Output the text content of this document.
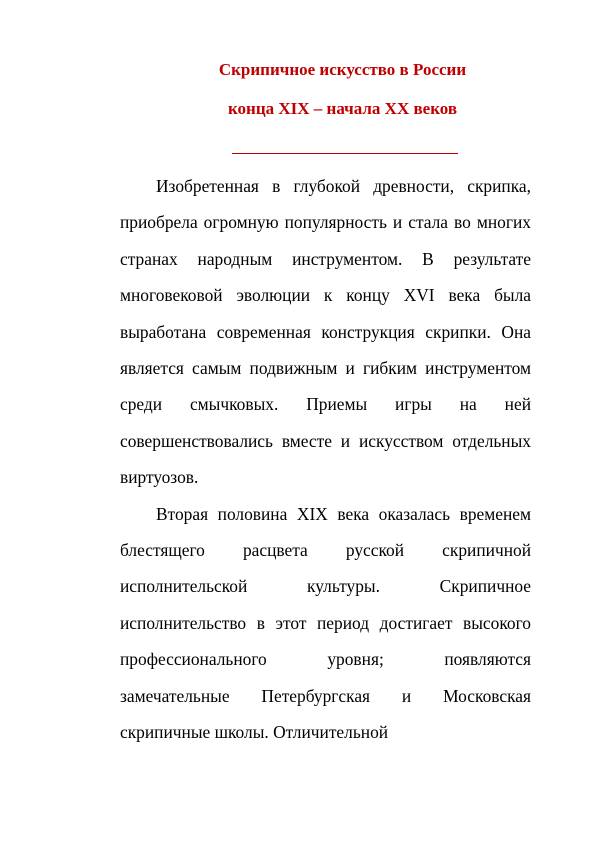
Скрипичное искусство в России
конца XIX – начала XX веков

Изобретенная в глубокой древности, скрипка, приобрела огромную популярность и стала во многих странах народным инструментом. В результате многовековой эволюции к концу XVI века была выработана современная конструкция скрипки. Она является самым подвижным и гибким инструментом среди смычковых. Приемы игры на ней совершенствовались вместе и искусством отдельных виртуозов.

Вторая половина XIX века оказалась временем блестящего расцвета русской скрипичной исполнительской культуры. Скрипичное исполнительство в этот период достигает высокого профессионального уровня; появляются замечательные Петербургская и Московская скрипичные школы. Отличительной
